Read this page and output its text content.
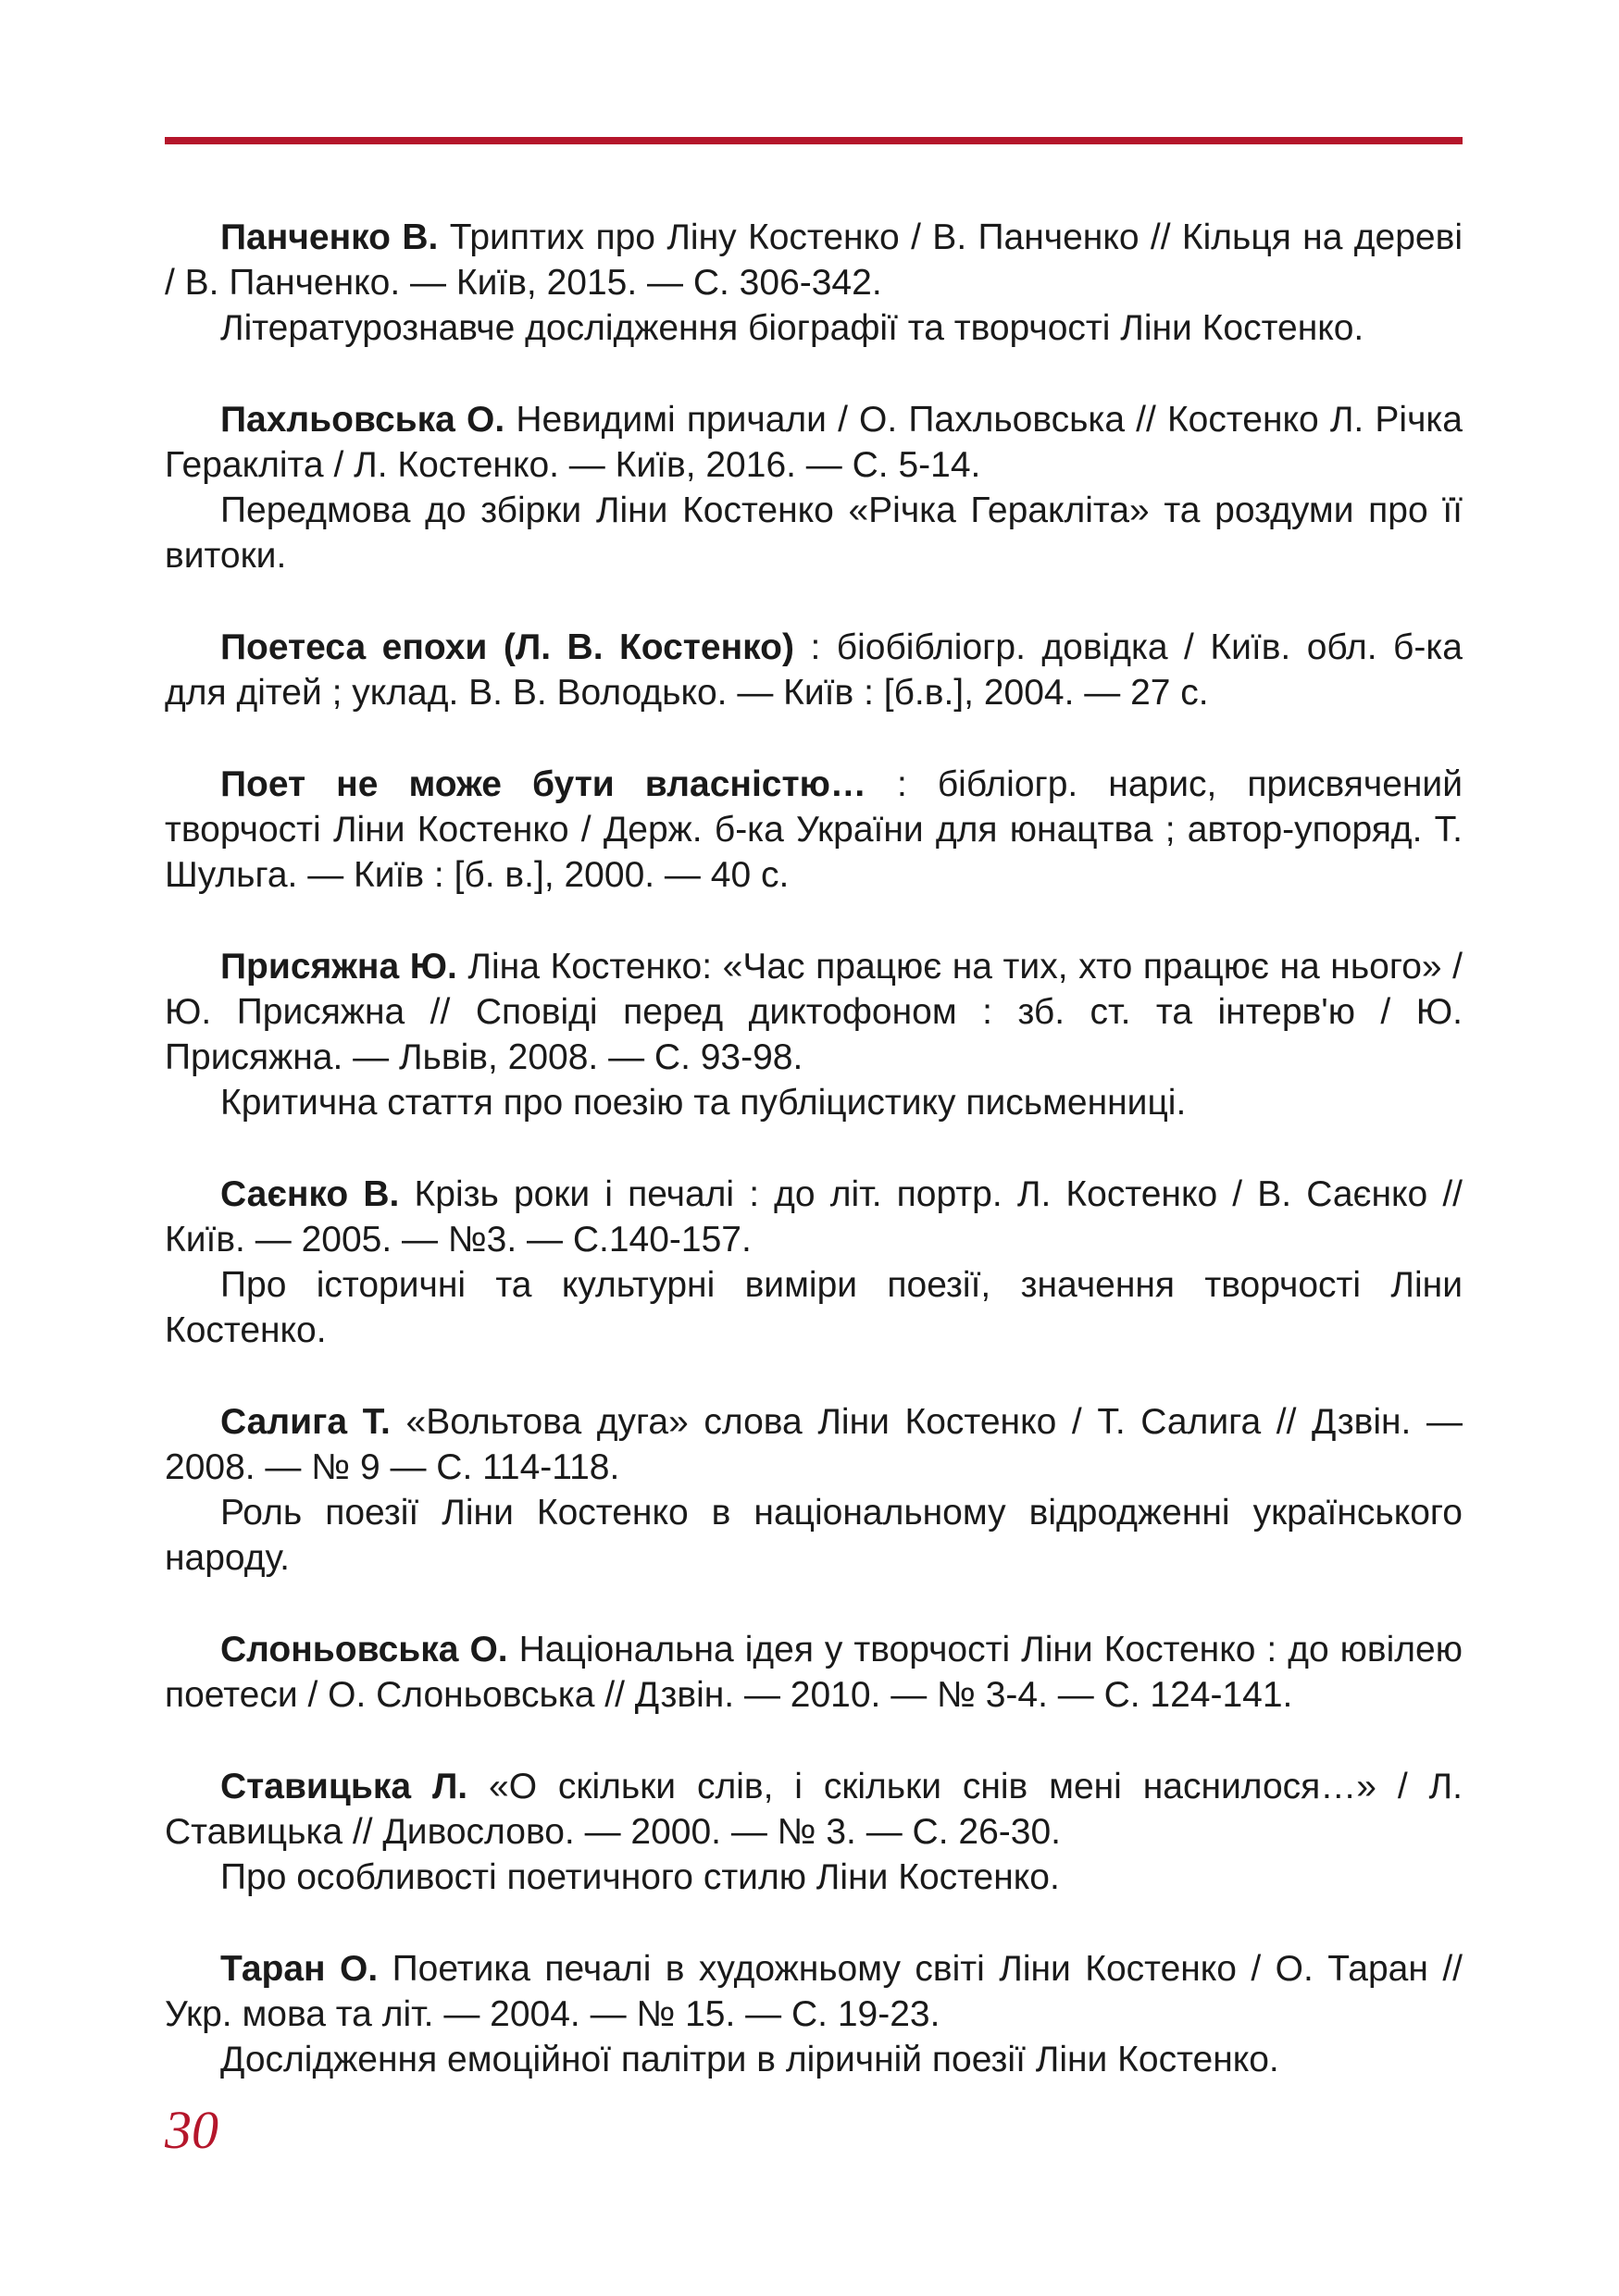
Панченко В. Триптих про Ліну Костенко / В. Панченко // Кільця на дереві / В. Панченко. — Київ, 2015. — С. 306-342.

Літературознавче дослідження біографії та творчості Ліни Костенко.

Пахльовська О. Невидимі причали / О. Пахльовська // Костенко Л. Річка Геракліта / Л. Костенко. — Київ, 2016. — С. 5-14.

Передмова до збірки Ліни Костенко «Річка Геракліта» та роздуми про її витоки.

Поетеса епохи (Л. В. Костенко) : біобібліогр. довідка / Київ. обл. б-ка для дітей ; уклад. В. В. Володько. — Київ : [б.в.], 2004. — 27 с.

Поет не може бути власністю… : бібліогр. нарис, присвячений творчості Ліни Костенко / Держ. б-ка України для юнацтва ; автор-упоряд. Т. Шульга. — Київ : [б. в.], 2000. — 40 с.

Присяжна Ю. Ліна Костенко: «Час працює на тих, хто працює на нього» / Ю. Присяжна // Сповіді перед диктофоном : зб. ст. та інтерв'ю / Ю. Присяжна. — Львів, 2008. — С. 93-98.

Критична стаття про поезію та публіцистику письменниці.

Саєнко В. Крізь роки і печалі : до літ. портр. Л. Костенко / В. Саєнко // Київ. — 2005. — №3. — С.140-157.

Про історичні та культурні виміри поезії, значення творчості Ліни Костенко.

Салига Т. «Вольтова дуга» слова Ліни Костенко / Т. Салига // Дзвін. — 2008. — № 9 — С. 114-118.

Роль поезії Ліни Костенко в національному відродженні українського народу.

Слоньовська О. Національна ідея у творчості Ліни Костенко : до ювілею поетеси / О. Слоньовська // Дзвін. — 2010. — № 3-4. — С. 124-141.

Ставицька Л. «О скільки слів, і скільки снів мені наснилося…» / Л. Ставицька // Дивослово. — 2000. — № 3. — С. 26-30.

Про особливості поетичного стилю Ліни Костенко.

Таран О. Поетика печалі в художньому світі Ліни Костенко / О. Таран // Укр. мова та літ. — 2004. — № 15. — С. 19-23.

Дослідження емоційної палітри в ліричній поезії Ліни Костенко.

30
